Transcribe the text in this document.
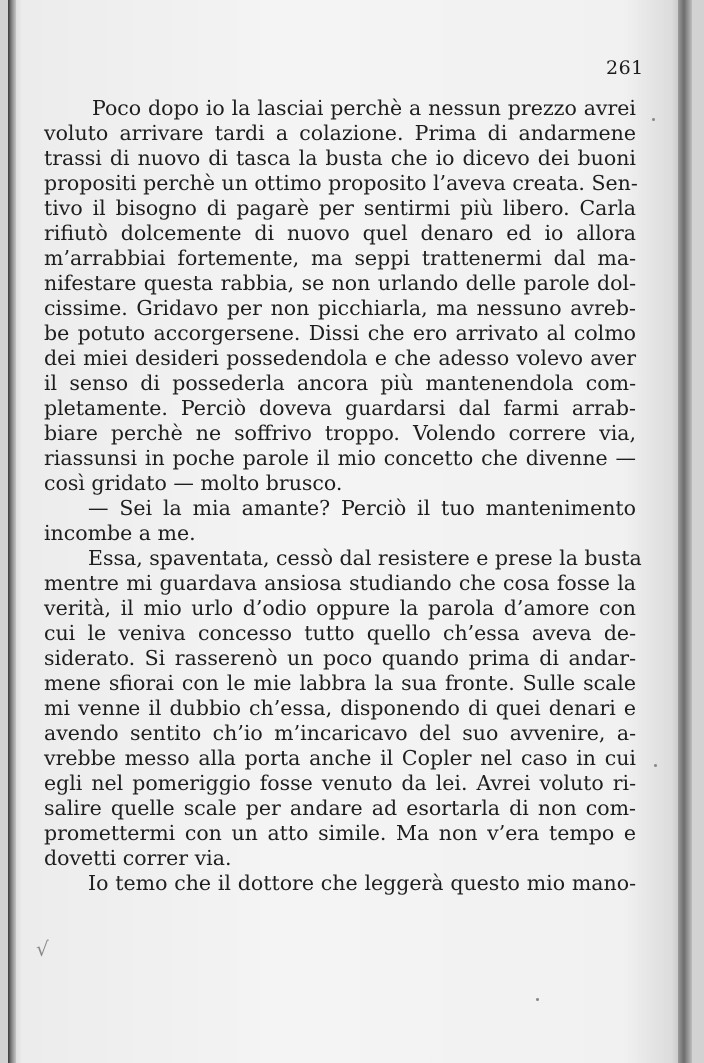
261
√
Poco dopo io la lasciai perchè a nessun prezzo avrei
voluto arrivare tardi a colazione. Prima di andarmene
trassi di nuovo di tasca la busta che io dicevo dei buoni
propositi perchè un ottimo proposito l’aveva creata. Sen-
tivo il bisogno di pagarè per sentirmi più libero. Carla
rifiutò dolcemente di nuovo quel denaro ed io allora
m’arrabbiai fortemente, ma seppi trattenermi dal ma-
nifestare questa rabbia, se non urlando delle parole dol-
cissime. Gridavo per non picchiarla, ma nessuno avreb-
be potuto accorgersene. Dissi che ero arrivato al colmo
dei miei desideri possedendola e che adesso volevo aver
il senso di possederla ancora più mantenendola com-
pletamente. Perciò doveva guardarsi dal farmi arrab-
biare perchè ne soffrivo troppo. Volendo correre via,
riassunsi in poche parole il mio concetto che divenne —
così gridato — molto brusco.
— Sei la mia amante? Perciò il tuo mantenimento
incombe a me.
Essa, spaventata, cessò dal resistere e prese la busta
mentre mi guardava ansiosa studiando che cosa fosse la
verità, il mio urlo d’odio oppure la parola d’amore con
cui le veniva concesso tutto quello ch’essa aveva de-
siderato. Si rasserenò un poco quando prima di andar-
mene sfiorai con le mie labbra la sua fronte. Sulle scale
mi venne il dubbio ch’essa, disponendo di quei denari e
avendo sentito ch’io m’incaricavo del suo avvenire, a-
vrebbe messo alla porta anche il Copler nel caso in cui
egli nel pomeriggio fosse venuto da lei. Avrei voluto ri-
salire quelle scale per andare ad esortarla di non com-
promettermi con un atto simile. Ma non v’era tempo e
dovetti correr via.
Io temo che il dottore che leggerà questo mio mano-
